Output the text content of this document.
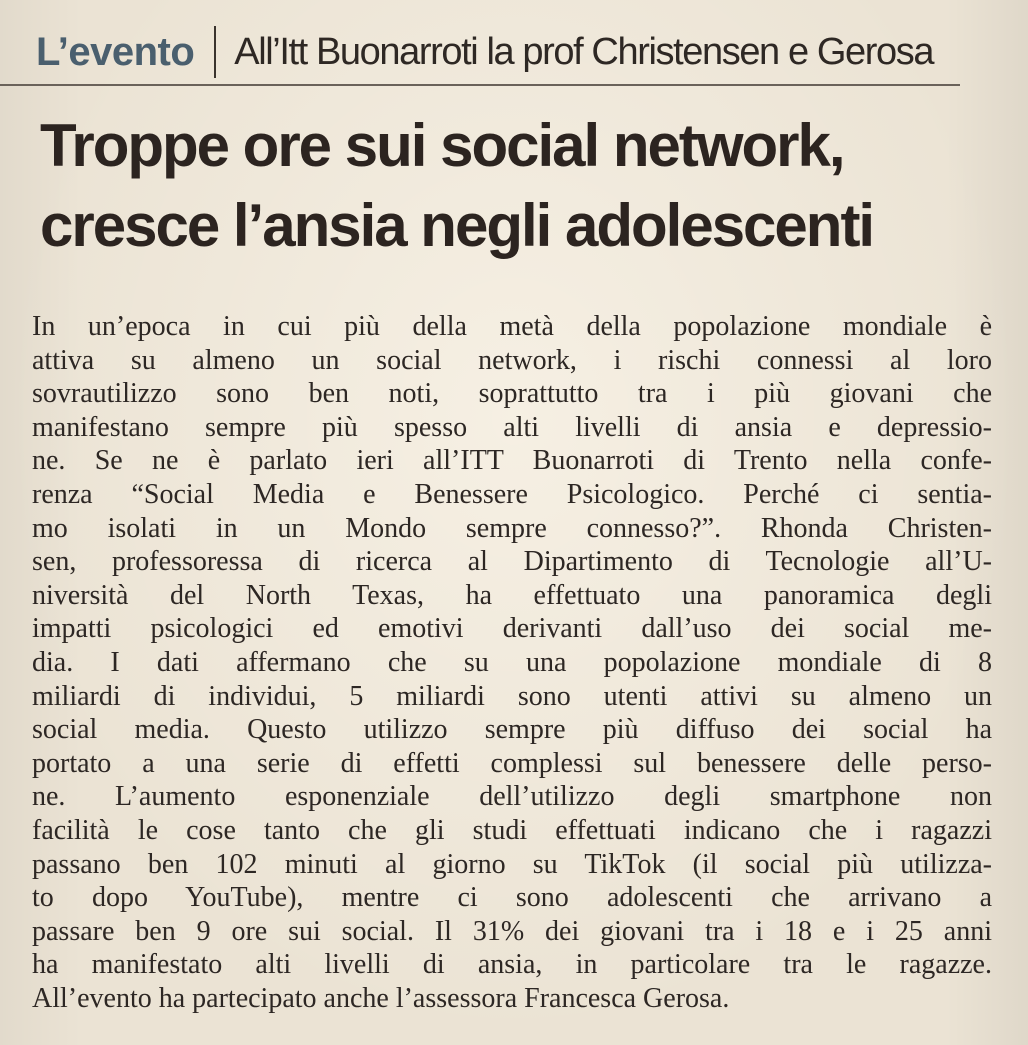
L’evento	All’Itt Buonarroti la prof Christensen e Gerosa
Troppe ore sui social network,
cresce l’ansia negli adolescenti
In un’epoca in cui più della metà della popolazione mondiale è
attiva su almeno un social network, i rischi connessi al loro
sovrautilizzo sono ben noti, soprattutto tra i più giovani che
manifestano sempre più spesso alti livelli di ansia e depressio-
ne. Se ne è parlato ieri all’ITT Buonarroti di Trento nella confe-
renza “Social Media e Benessere Psicologico. Perché ci sentia-
mo isolati in un Mondo sempre connesso?”. Rhonda Christen-
sen, professoressa di ricerca al Dipartimento di Tecnologie all’U-
niversità del North Texas, ha effettuato una panoramica degli
impatti psicologici ed emotivi derivanti dall’uso dei social me-
dia. I dati affermano che su una popolazione mondiale di 8
miliardi di individui, 5 miliardi sono utenti attivi su almeno un
social media. Questo utilizzo sempre più diffuso dei social ha
portato a una serie di effetti complessi sul benessere delle perso-
ne. L’aumento esponenziale dell’utilizzo degli smartphone non
facilità le cose tanto che gli studi effettuati indicano che i ragazzi
passano ben 102 minuti al giorno su TikTok (il social più utilizza-
to dopo YouTube), mentre ci sono adolescenti che arrivano a
passare ben 9 ore sui social. Il 31% dei giovani tra i 18 e i 25 anni
ha manifestato alti livelli di ansia, in particolare tra le ragazze.
All’evento ha partecipato anche l’assessora Francesca Gerosa.
